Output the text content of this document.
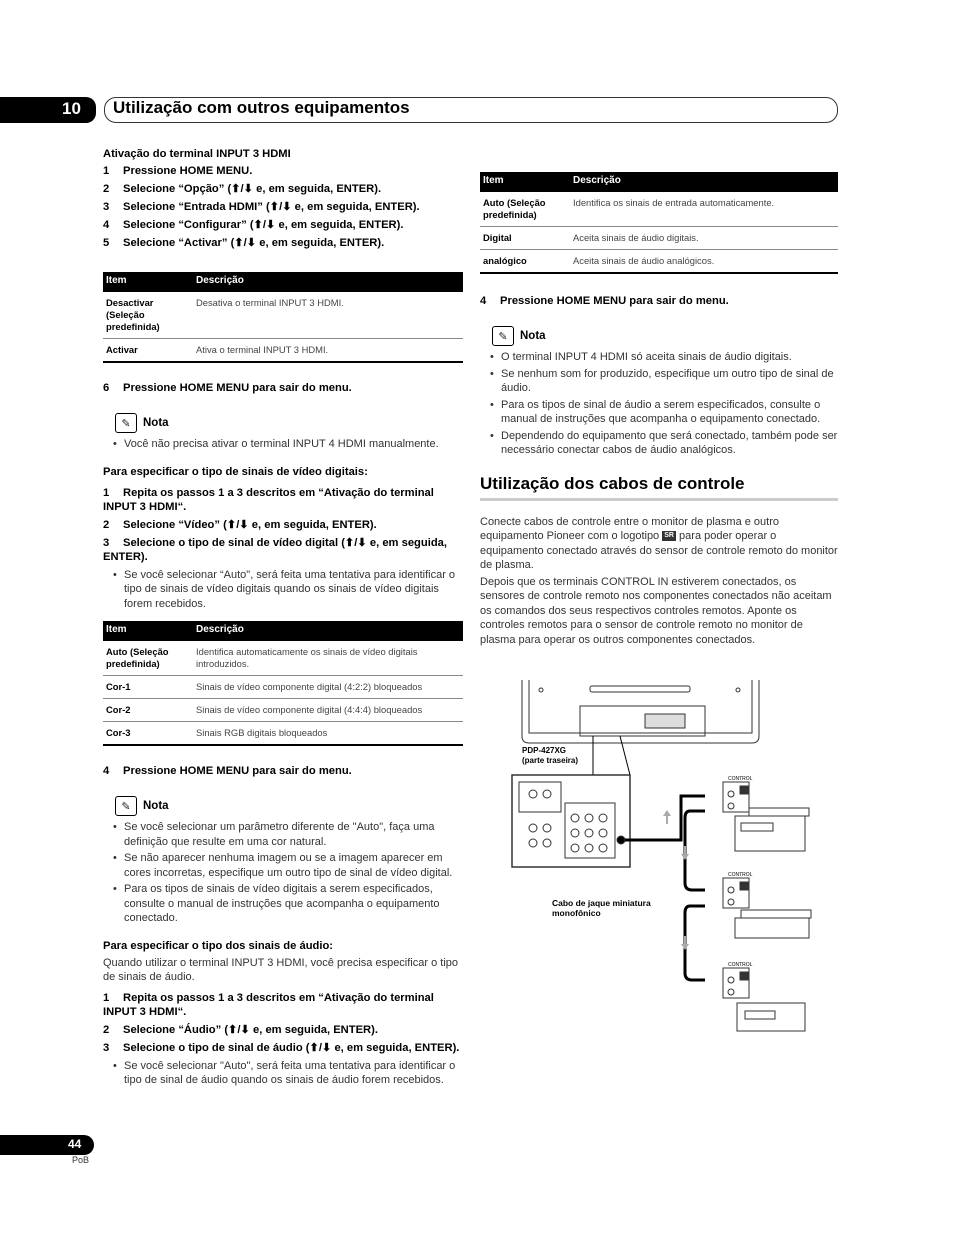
10 Utilização com outros equipamentos
Ativação do terminal INPUT 3 HDMI
1 Pressione HOME MENU.
2 Selecione “Opção” (⬆/⬇ e, em seguida, ENTER).
3 Selecione “Entrada HDMI” (⬆/⬇ e, em seguida, ENTER).
4 Selecione “Configurar” (⬆/⬇ e, em seguida, ENTER).
5 Selecione “Activar” (⬆/⬇ e, em seguida, ENTER).
Item	Descrição
Desactivar (Seleção predefinida)	Desativa o terminal INPUT 3 HDMI.
Activar	Ativa o terminal INPUT 3 HDMI.
6 Pressione HOME MENU para sair do menu.
✎	Nota
• Você não precisa ativar o terminal INPUT 4 HDMI manualmente.
Para especificar o tipo de sinais de vídeo digitais:
1 Repita os passos 1 a 3 descritos em “Ativação do terminal INPUT 3 HDMI“.
2 Selecione “Vídeo” (⬆/⬇ e, em seguida, ENTER).
3 Selecione o tipo de sinal de vídeo digital (⬆/⬇ e, em seguida, ENTER).
• Se você selecionar “Auto", será feita uma tentativa para identificar o tipo de sinais de vídeo digitais quando os sinais de vídeo digitais forem recebidos.
Item	Descrição
Auto (Seleção predefinida)	Identifica automaticamente os sinais de vídeo digitais introduzidos.
Cor-1	Sinais de vídeo componente digital (4:2:2) bloqueados
Cor-2	Sinais de vídeo componente digital (4:4:4) bloqueados
Cor-3	Sinais RGB digitais bloqueados
4 Pressione HOME MENU para sair do menu.
✎	Nota
• Se você selecionar um parâmetro diferente de "Auto", faça uma definição que resulte em uma cor natural.
• Se não aparecer nenhuma imagem ou se a imagem aparecer em cores incorretas, especifique um outro tipo de sinal de vídeo digital.
• Para os tipos de sinais de vídeo digitais a serem especificados, consulte o manual de instruções que acompanha o equipamento conectado.
Para especificar o tipo dos sinais de áudio:
Quando utilizar o terminal INPUT 3 HDMI, você precisa especificar o tipo de sinais de áudio.
1 Repita os passos 1 a 3 descritos em “Ativação do terminal INPUT 3 HDMI“.
2 Selecione “Áudio” (⬆/⬇ e, em seguida, ENTER).
3 Selecione o tipo de sinal de áudio (⬆/⬇ e, em seguida, ENTER).
• Se você selecionar "Auto", será feita uma tentativa para identificar o tipo de sinal de áudio quando os sinais de áudio forem recebidos.
Item	Descrição
Auto (Seleção predefinida)	Identifica os sinais de entrada automaticamente.
Digital	Aceita sinais de áudio digitais.
analógico	Aceita sinais de áudio analógicos.
4 Pressione HOME MENU para sair do menu.
✎	Nota
• O terminal INPUT 4 HDMI só aceita sinais de áudio digitais.
• Se nenhum som for produzido, especifique um outro tipo de sinal de áudio.
• Para os tipos de sinal de áudio a serem especificados, consulte o manual de instruções que acompanha o equipamento conectado.
• Dependendo do equipamento que será conectado, também pode ser necessário conectar cabos de áudio analógicos.
Utilização dos cabos de controle
Conecte cabos de controle entre o monitor de plasma e outro equipamento Pioneer com o logotipo SR para poder operar o equipamento conectado através do sensor de controle remoto do monitor de plasma.
Depois que os terminais CONTROL IN estiverem conectados, os sensores de controle remoto nos componentes conectados não aceitam os comandos dos seus respectivos controles remotos. Aponte os controles remotos para o sensor de controle remoto no monitor de plasma para operar os outros componentes conectados.
CONTROL
CONTROL
CONTROL
PDP-427XG
(parte traseira)
Cabo de jaque miniatura
monofônico
44
PoB
